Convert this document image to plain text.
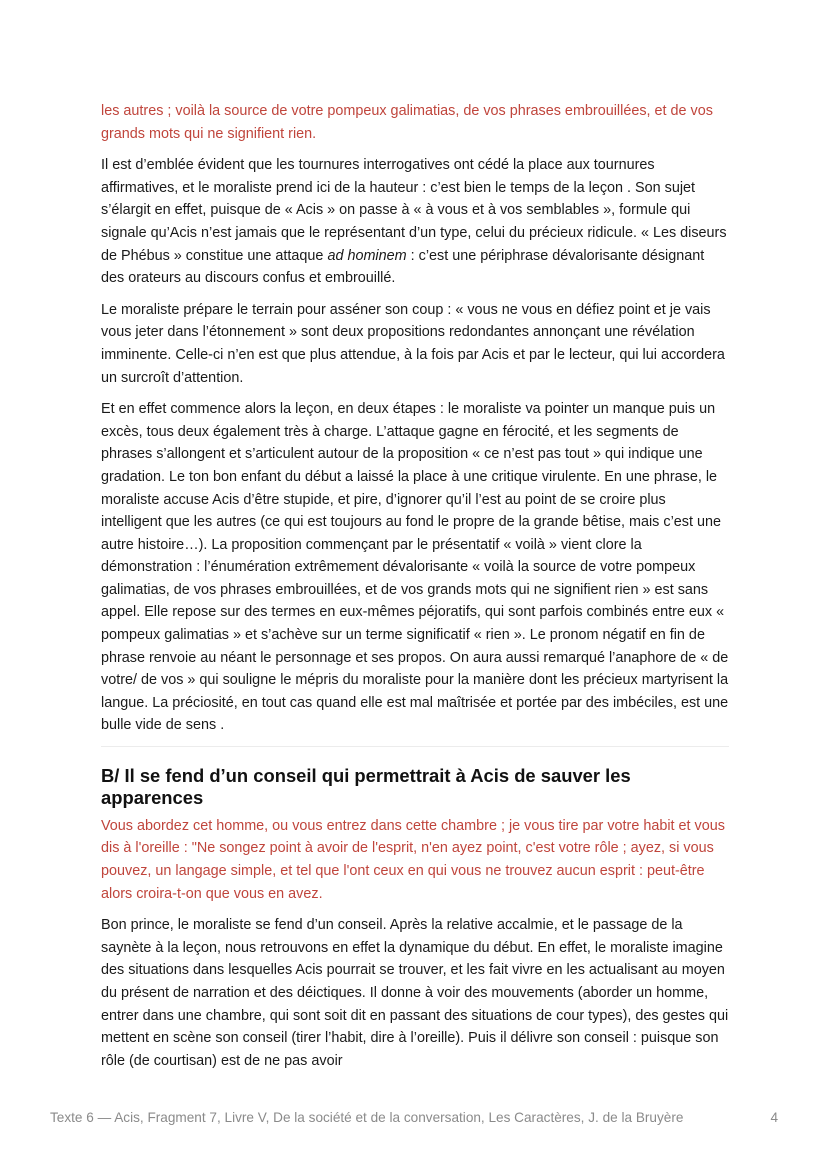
les autres ; voilà la source de votre pompeux galimatias, de vos phrases embrouillées, et de vos grands mots qui ne signifient rien.

Il est d’emblée évident que les tournures interrogatives ont cédé la place aux tournures affirmatives, et le moraliste prend ici de la hauteur : c’est bien le temps de la leçon . Son sujet s’élargit en effet, puisque de « Acis » on passe à « à vous et à vos semblables », formule qui signale qu’Acis n’est jamais que le représentant d’un type, celui du précieux ridicule. « Les diseurs de Phébus » constitue une attaque ad hominem : c’est une périphrase dévalorisante désignant des orateurs au discours confus et embrouillé.

Le moraliste prépare le terrain pour asséner son coup : « vous ne vous en défiez point et je vais vous jeter dans l’étonnement » sont deux propositions redondantes annonçant une révélation imminente. Celle-ci n’en est que plus attendue, à la fois par Acis et par le lecteur, qui lui accordera un surcroît d’attention.

Et en effet commence alors la leçon, en deux étapes : le moraliste va pointer un manque puis un excès, tous deux également très à charge. L’attaque gagne en férocité, et les segments de phrases s’allongent et s’articulent autour de la proposition « ce n’est pas tout » qui indique une gradation. Le ton bon enfant du début a laissé la place à une critique virulente. En une phrase, le moraliste accuse Acis d’être stupide, et pire, d’ignorer qu’il l’est au point de se croire plus intelligent que les autres (ce qui est toujours au fond le propre de la grande bêtise, mais c’est une autre histoire…). La proposition commençant par le présentatif « voilà » vient clore la démonstration : l’énumération extrêmement dévalorisante « voilà la source de votre pompeux galimatias, de vos phrases embrouillées, et de vos grands mots qui ne signifient rien » est sans appel. Elle repose sur des termes en eux-mêmes péjoratifs, qui sont parfois combinés entre eux « pompeux galimatias » et s’achève sur un terme significatif « rien ». Le pronom négatif en fin de phrase renvoie au néant le personnage et ses propos. On aura aussi remarqué l’anaphore de « de votre/ de vos » qui souligne le mépris du moraliste pour la manière dont les précieux martyrisent la langue. La préciosité, en tout cas quand elle est mal maîtrisée et portée par des imbéciles, est une bulle vide de sens .

B/ Il se fend d’un conseil qui permettrait à Acis de sauver les apparences

Vous abordez cet homme, ou vous entrez dans cette chambre ; je vous tire par votre habit et vous dis à l'oreille : "Ne songez point à avoir de l'esprit, n'en ayez point, c'est votre rôle ; ayez, si vous pouvez, un langage simple, et tel que l'ont ceux en qui vous ne trouvez aucun esprit : peut-être alors croira-t-on que vous en avez.

Bon prince, le moraliste se fend d’un conseil. Après la relative accalmie, et le passage de la saynète à la leçon, nous retrouvons en effet la dynamique du début. En effet, le moraliste imagine des situations dans lesquelles Acis pourrait se trouver, et les fait vivre en les actualisant au moyen du présent de narration et des déictiques. Il donne à voir des mouvements (aborder un homme, entrer dans une chambre, qui sont soit dit en passant des situations de cour types), des gestes qui mettent en scène son conseil (tirer l’habit, dire à l’oreille). Puis il délivre son conseil : puisque son rôle (de courtisan) est de ne pas avoir

Texte 6 — Acis, Fragment 7, Livre V, De la société et de la conversation, Les Caractères, J. de la Bruyère	4
